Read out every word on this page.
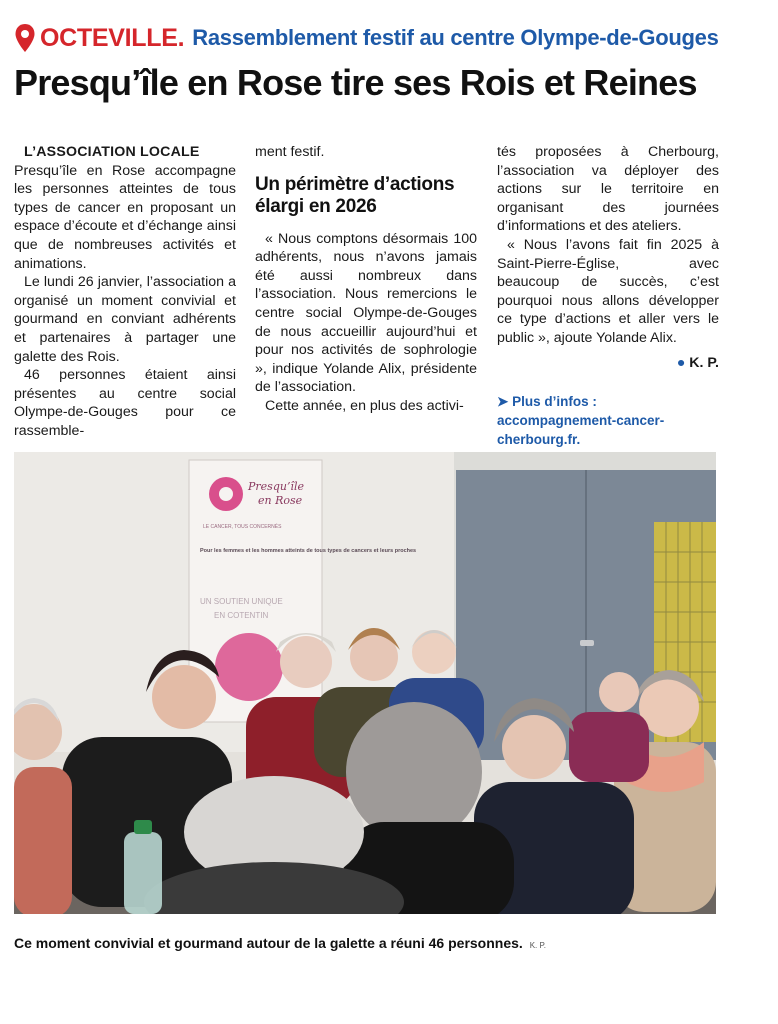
OCTEVILLE. Rassemblement festif au centre Olympe-de-Gouges
Presqu’île en Rose tire ses Rois et Reines
L’ASSOCIATION LOCALE

Presqu’île en Rose accompagne les personnes atteintes de tous types de cancer en proposant un espace d’écoute et d’échange ainsi que de nombreuses activités et animations.

Le lundi 26 janvier, l’association a organisé un moment convivial et gourmand en conviant adhérents et partenaires à partager une galette des Rois.

46 personnes étaient ainsi présentes au centre social Olympe-de-Gouges pour ce rassemble-

ment festif.

Un périmètre d’actions élargi en 2026

« Nous comptons désormais 100 adhérents, nous n’avons jamais été aussi nombreux dans l’association. Nous remercions le centre social Olympe-de-Gouges de nous accueillir aujourd’hui et pour nos activités de sophrologie », indique Yolande Alix, présidente de l’association.

Cette année, en plus des activi-

tés proposées à Cherbourg, l’association va déployer des actions sur le territoire en organisant des journées d’informations et des ateliers.

« Nous l’avons fait fin 2025 à Saint-Pierre-Église, avec beaucoup de succès, c’est pourquoi nous allons développer ce type d’actions et aller vers le public », ajoute Yolande Alix.

● K. P.
➤ Plus d’infos : accompagnement-cancer-cherbourg.fr.
Presqu’île
en Rose
LE CANCER, TOUS CONCERNÉS
Pour les femmes et les hommes atteints de tous types de cancers et leurs proches
UN SOUTIEN UNIQUE
EN COTENTIN
Ce moment convivial et gourmand autour de la galette a réuni 46 personnes. K. P.
